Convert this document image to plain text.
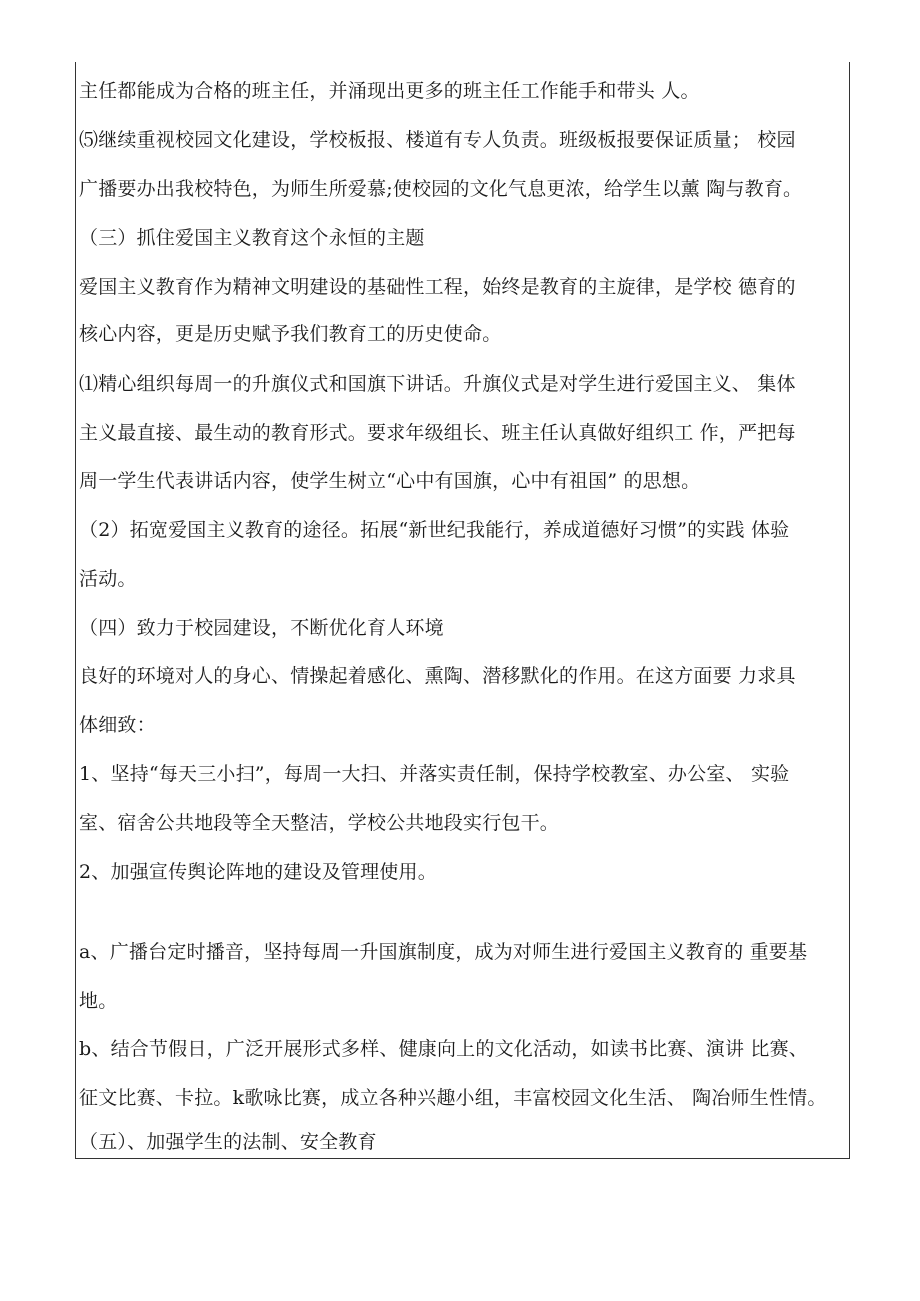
主任都能成为合格的班主任，并涌现出更多的班主任工作能手和带头 人。
⑸继续重视校园文化建设，学校板报、楼道有专人负责。班级板报要保证质量； 校园
广播要办出我校特色，为师生所爱慕;使校园的文化气息更浓，给学生以薰 陶与教育。
（三）抓住爱国主义教育这个永恒的主题
爱国主义教育作为精神文明建设的基础性工程，始终是教育的主旋律，是学校 德育的
核心内容，更是历史赋予我们教育工的历史使命。
⑴精心组织每周一的升旗仪式和国旗下讲话。升旗仪式是对学生进行爱国主义、 集体
主义最直接、最生动的教育形式。要求年级组长、班主任认真做好组织工 作，严把每
周一学生代表讲话内容，使学生树立“心中有国旗，心中有祖国” 的思想。
（2）拓宽爱国主义教育的途径。拓展“新世纪我能行，养成道德好习惯”的实践 体验
活动。
（四）致力于校园建设，不断优化育人环境
良好的环境对人的身心、情操起着感化、熏陶、潜移默化的作用。在这方面要 力求具
体细致：
1、坚持“每天三小扫”，每周一大扫、并落实责任制，保持学校教室、办公室、 实验
室、宿舍公共地段等全天整洁，学校公共地段实行包干。
2、加强宣传舆论阵地的建设及管理使用。
a、广播台定时播音，坚持每周一升国旗制度，成为对师生进行爱国主义教育的 重要基
地。
b、结合节假日，广泛开展形式多样、健康向上的文化活动，如读书比赛、演讲 比赛、
征文比赛、卡拉。k歌咏比赛，成立各种兴趣小组，丰富校园文化生活、 陶冶师生性情。
（五）、加强学生的法制、安全教育
